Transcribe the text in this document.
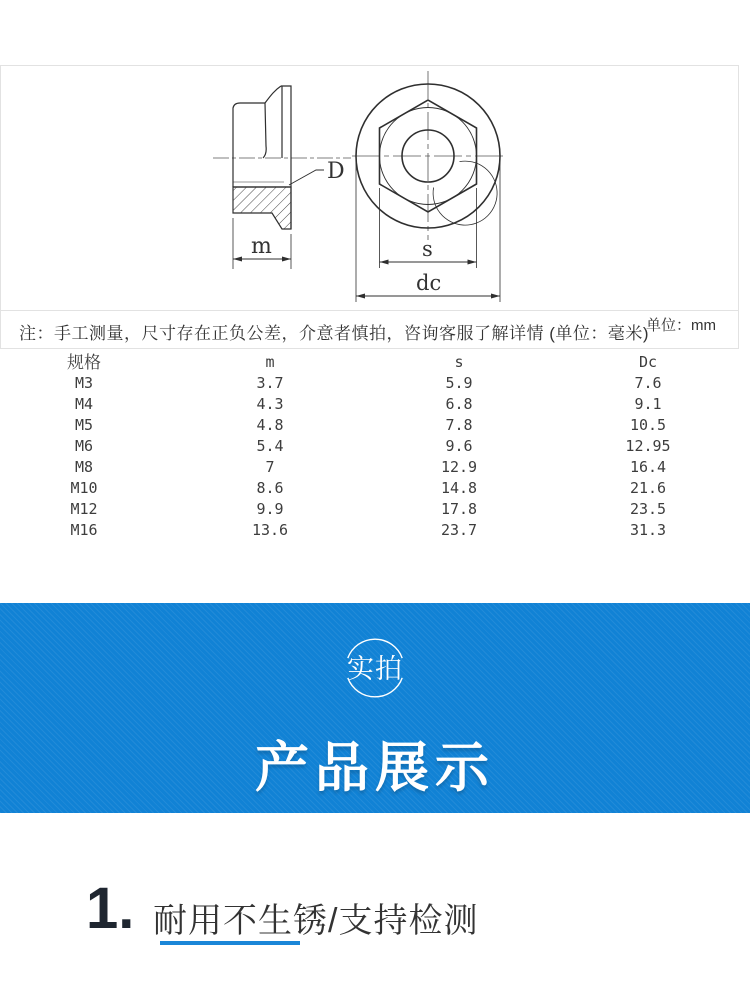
D
m	s
dc
注：手工测量，尺寸存在正负公差，介意者慎拍，咨询客服了解详情 (单位：毫米)
单位：mm
规格	m	s	Dc
M3	3.7	5.9	7.6
M4	4.3	6.8	9.1
M5	4.8	7.8	10.5
M6	5.4	9.6	12.95
M8	7	12.9	16.4
M10	8.6	14.8	21.6
M12	9.9	17.8	23.5
M16	13.6	23.7	31.3
实拍
产品展示
1. 耐用不生锈/支持检测
